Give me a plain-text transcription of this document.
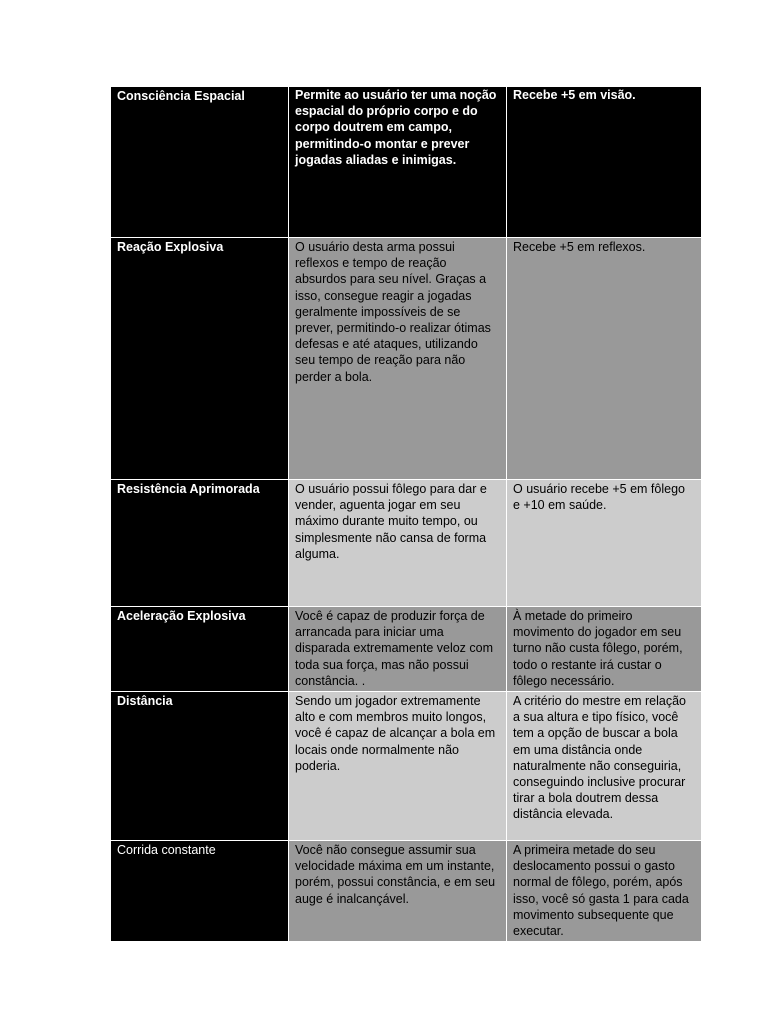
Consciência Espacial	Permite ao usuário ter uma noção espacial do próprio corpo e do corpo doutrem em campo, permitindo-o montar e prever jogadas aliadas e inimigas.	Recebe +5 em visão.
Reação Explosiva	O usuário desta arma possui reflexos e tempo de reação absurdos para seu nível. Graças a isso, consegue reagir a jogadas geralmente impossíveis de se prever, permitindo-o realizar ótimas defesas e até ataques, utilizando seu tempo de reação para não perder a bola.	Recebe +5 em reflexos.
Resistência Aprimorada	O usuário possui fôlego para dar e vender, aguenta jogar em seu máximo durante muito tempo, ou simplesmente não cansa de forma alguma.	O usuário recebe +5 em fôlego e +10 em saúde.
Aceleração Explosiva	Você é capaz de produzir força de arrancada para iniciar uma disparada extremamente veloz com toda sua força, mas não possui constância. .	À metade do primeiro movimento do jogador em seu turno não custa fôlego, porém, todo o restante irá custar o fôlego necessário.
Distância	Sendo um jogador extremamente alto e com membros muito longos, você é capaz de alcançar a bola em locais onde normalmente não poderia.	A critério do mestre em relação a sua altura e tipo físico, você tem a opção de buscar a bola em uma distância onde naturalmente não conseguiria, conseguindo inclusive procurar tirar a bola doutrem dessa distância elevada.
Corrida constante	Você não consegue assumir sua velocidade máxima em um instante, porém, possui constância, e em seu auge é inalcançável.	A primeira metade do seu deslocamento possui o gasto normal de fôlego, porém, após isso, você só gasta 1 para cada movimento subsequente que executar.
